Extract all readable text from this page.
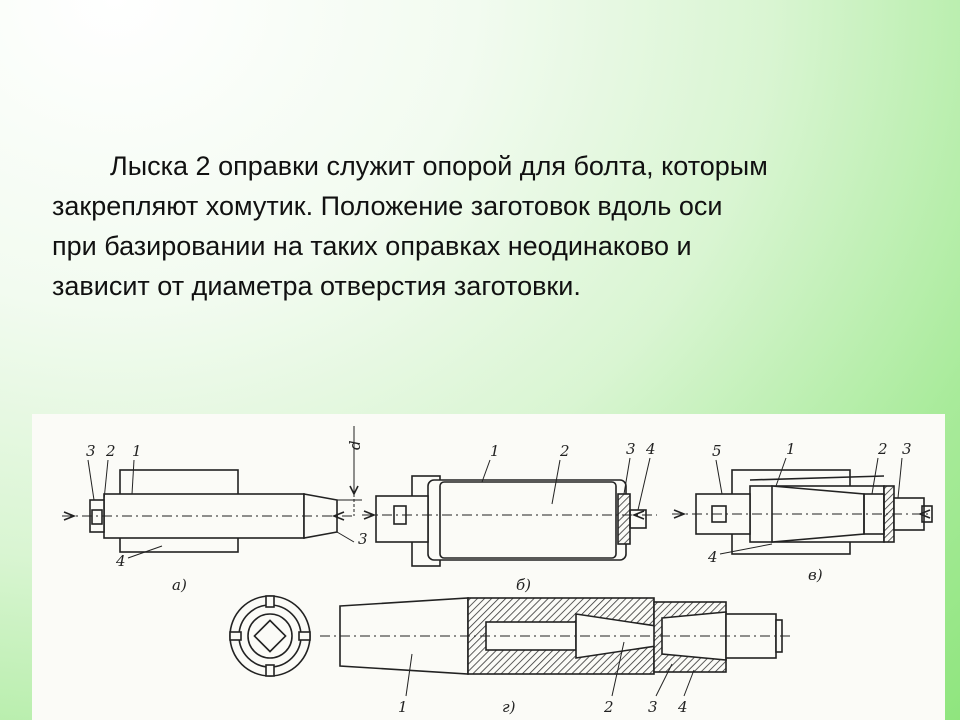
Лыска 2 оправки служит опорой для болта, которым
закрепляют хомутик. Положение заготовок вдоль оси
при базировании на таких оправках неодинаково и
зависит от диаметра отверстия заготовки.
3 2 1
4
3
d
а)
1	2	3 4
б)
5	1	2 3
4
в)
1	г)	2 3 4
